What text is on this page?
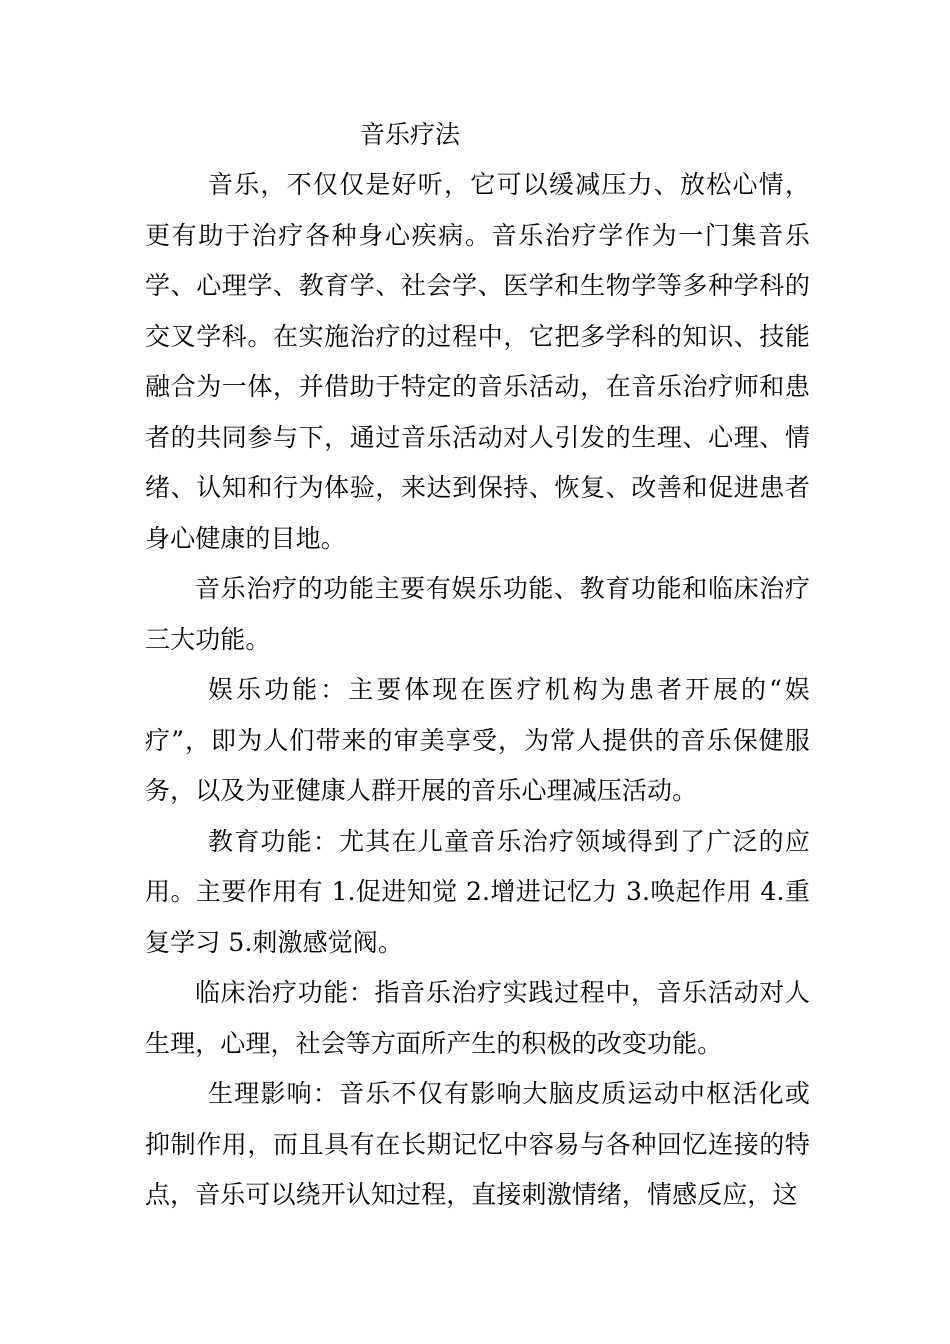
音乐疗法

音乐，不仅仅是好听，它可以缓减压力、放松心情，更有助于治疗各种身心疾病。音乐治疗学作为一门集音乐学、心理学、教育学、社会学、医学和生物学等多种学科的交叉学科。在实施治疗的过程中，它把多学科的知识、技能融合为一体，并借助于特定的音乐活动，在音乐治疗师和患者的共同参与下，通过音乐活动对人引发的生理、心理、情绪、认知和行为体验，来达到保持、恢复、改善和促进患者身心健康的目地。

音乐治疗的功能主要有娱乐功能、教育功能和临床治疗三大功能。

娱乐功能：主要体现在医疗机构为患者开展的“娱疗”，即为人们带来的审美享受，为常人提供的音乐保健服务，以及为亚健康人群开展的音乐心理减压活动。

教育功能：尤其在儿童音乐治疗领域得到了广泛的应用。主要作用有 1.促进知觉 2.增进记忆力 3.唤起作用 4.重复学习 5.刺激感觉阀。

临床治疗功能：指音乐治疗实践过程中，音乐活动对人生理，心理，社会等方面所产生的积极的改变功能。

生理影响：音乐不仅有影响大脑皮质运动中枢活化或抑制作用，而且具有在长期记忆中容易与各种回忆连接的特点，音乐可以绕开认知过程，直接刺激情绪，情感反应，这
